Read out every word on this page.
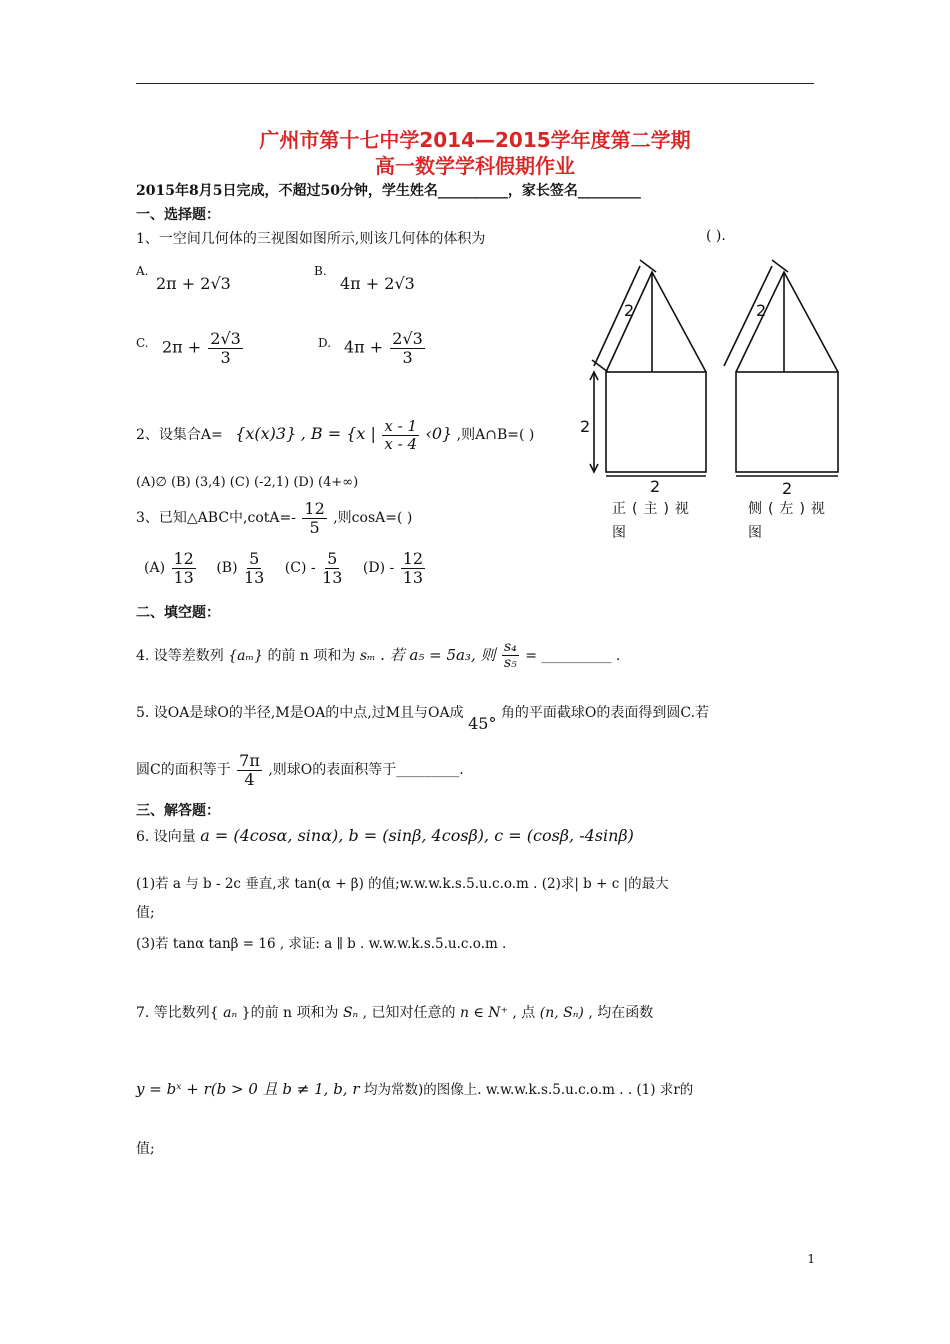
广州市第十七中学2014—2015学年度第二学期
高一数学学科假期作业
2015年8月5日完成，不超过50分钟，学生姓名__________，家长签名_________
一、选择题：
1、一空间几何体的三视图如图所示,则该几何体的体积为	( ).
A.
2π + 2√3
B.
4π + 2√3
C. $2\pi + \frac{2√3}{3}$	D. $4\pi + \frac{2√3}{3}$
2、设集合A= {x(x)3} , B = {x | $\frac{x - 1}{x - 4}$ ‹0} ,则A∩B=( )
(A)∅ (B) (3,4) (C) (-2,1) (D) (4+∞)
3、已知△ABC中$,\cot A=- \frac{12}{5}$ ,则cosA=( )
$(A) \frac{12}{13} (B) \frac{5}{13} (C) - \frac{5}{13} (D) - \frac{12}{13}$
二、填空题：
4. 设等差数列 {aₘ} 的前 n 项和为 sₘ . 若 a₅ = 5a₃, 则 $\frac{\text{s₄}}{\text{s₅}}$ = __________ .
5. 设OA是球O的半径,M是OA的中点,过M且与OA成 45° 角的平面截球O的表面得到圆C.若
圆C的面积等于 $\frac{7\pi}{4}$ ,则球O的表面积等于_________.
三、解答题：
6. 设向量 a = (4cosα, sinα), b = (sinβ, 4cosβ), c = (cosβ, -4sinβ)
(1)若 a 与 b - 2c 垂直,求 tan(α + β) 的值;w.w.w.k.s.5.u.c.o.m . (2)求| b + c |的最大
值;
(3)若 tanα tanβ = 16 , 求证: a ∥ b . w.w.w.k.s.5.u.c.o.m .
7. 等比数列{ aₙ }的前 n 项和为 Sₙ , 已知对任意的 n ∈ N⁺ , 点 (n, Sₙ) , 均在函数
y = bˣ + r(b > 0 且 b ≠ 1, b, r 均为常数)的图像上. w.w.w.k.s.5.u.c.o.m . . (1) 求r的
值;
2
2
2
2
2
正(主)视
图
侧(左)视
图
1
